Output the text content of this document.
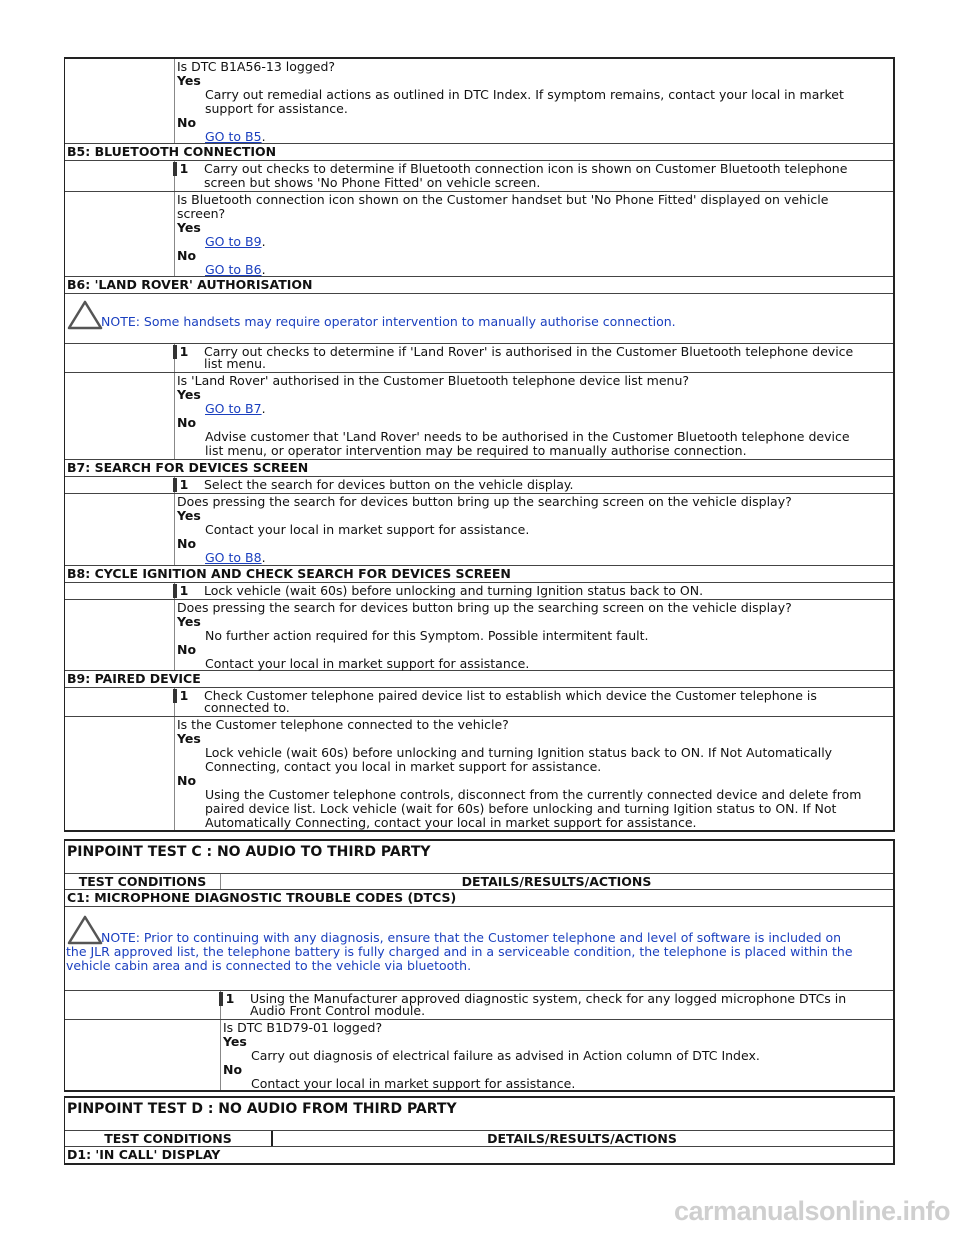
Is DTC B1A56-13 logged?
Yes
Carry out remedial actions as outlined in DTC Index. If symptom remains, contact your local in market
support for assistance.
No
GO to B5.
B5: BLUETOOTH CONNECTION
1 Carry out checks to determine if Bluetooth connection icon is shown on Customer Bluetooth telephone
screen but shows 'No Phone Fitted' on vehicle screen.
Is Bluetooth connection icon shown on the Customer handset but 'No Phone Fitted' displayed on vehicle
screen?
Yes
GO to B9.
No
GO to B6.
B6: 'LAND ROVER' AUTHORISATION
NOTE: Some handsets may require operator intervention to manually authorise connection.
1 Carry out checks to determine if 'Land Rover' is authorised in the Customer Bluetooth telephone device
list menu.
Is 'Land Rover' authorised in the Customer Bluetooth telephone device list menu?
Yes
GO to B7.
No
Advise customer that 'Land Rover' needs to be authorised in the Customer Bluetooth telephone device
list menu, or operator intervention may be required to manually authorise connection.
B7: SEARCH FOR DEVICES SCREEN
1 Select the search for devices button on the vehicle display.
Does pressing the search for devices button bring up the searching screen on the vehicle display?
Yes
Contact your local in market support for assistance.
No
GO to B8.
B8: CYCLE IGNITION AND CHECK SEARCH FOR DEVICES SCREEN
1 Lock vehicle (wait 60s) before unlocking and turning Ignition status back to ON.
Does pressing the search for devices button bring up the searching screen on the vehicle display?
Yes
No further action required for this Symptom. Possible intermitent fault.
No
Contact your local in market support for assistance.
B9: PAIRED DEVICE
1 Check Customer telephone paired device list to establish which device the Customer telephone is
connected to.
Is the Customer telephone connected to the vehicle?
Yes
Lock vehicle (wait 60s) before unlocking and turning Ignition status back to ON. If Not Automatically
Connecting, contact you local in market support for assistance.
No
Using the Customer telephone controls, disconnect from the currently connected device and delete from
paired device list. Lock vehicle (wait for 60s) before unlocking and turning Igition status to ON. If Not
Automatically Connecting, contact your local in market support for assistance.
PINPOINT TEST C : NO AUDIO TO THIRD PARTY
TEST CONDITIONS	DETAILS/RESULTS/ACTIONS
C1: MICROPHONE DIAGNOSTIC TROUBLE CODES (DTCS)
NOTE: Prior to continuing with any diagnosis, ensure that the Customer telephone and level of software is included on
the JLR approved list, the telephone battery is fully charged and in a serviceable condition, the telephone is placed within the
vehicle cabin area and is connected to the vehicle via bluetooth.
1 Using the Manufacturer approved diagnostic system, check for any logged microphone DTCs in
Audio Front Control module.
Is DTC B1D79-01 logged?
Yes
Carry out diagnosis of electrical failure as advised in Action column of DTC Index.
No
Contact your local in market support for assistance.
PINPOINT TEST D : NO AUDIO FROM THIRD PARTY
TEST CONDITIONS	DETAILS/RESULTS/ACTIONS
D1: 'IN CALL' DISPLAY
carmanualsonline.info
